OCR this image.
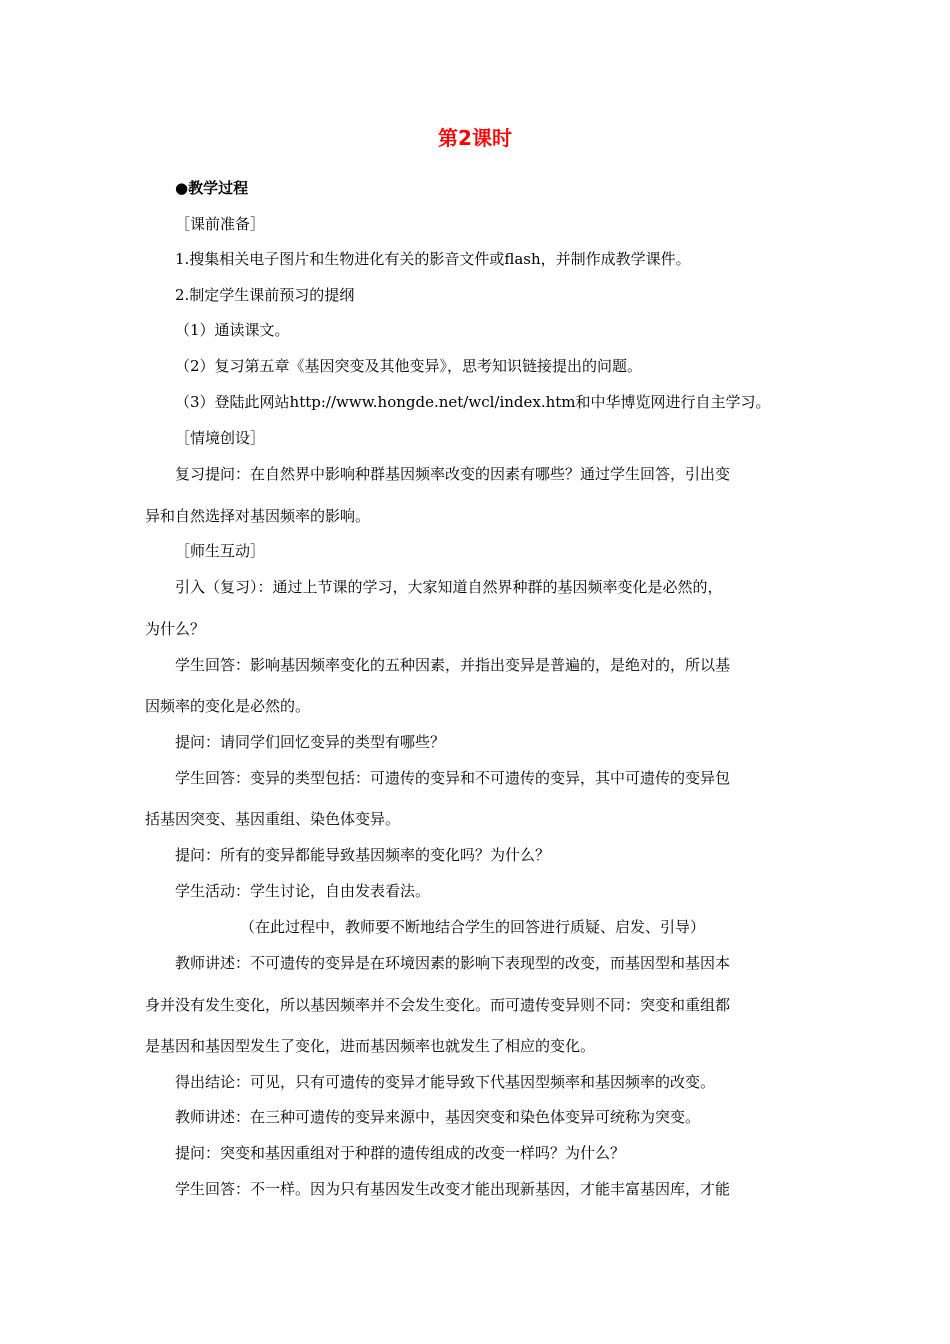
第2课时
●教学过程
［课前准备］
1.搜集相关电子图片和生物进化有关的影音文件或flash，并制作成教学课件。
2.制定学生课前预习的提纲
（1）通读课文。
（2）复习第五章《基因突变及其他变异》，思考知识链接提出的问题。
（3）登陆此网站http://www.hongde.net/wcl/index.htm和中华博览网进行自主学习。
［情境创设］
复习提问：在自然界中影响种群基因频率改变的因素有哪些？通过学生回答，引出变
异和自然选择对基因频率的影响。
［师生互动］
引入（复习）：通过上节课的学习，大家知道自然界种群的基因频率变化是必然的，
为什么？
学生回答：影响基因频率变化的五种因素，并指出变异是普遍的，是绝对的，所以基
因频率的变化是必然的。
提问：请同学们回忆变异的类型有哪些？
学生回答：变异的类型包括：可遗传的变异和不可遗传的变异，其中可遗传的变异包
括基因突变、基因重组、染色体变异。
提问：所有的变异都能导致基因频率的变化吗？为什么？
学生活动：学生讨论，自由发表看法。
（在此过程中，教师要不断地结合学生的回答进行质疑、启发、引导）
教师讲述：不可遗传的变异是在环境因素的影响下表现型的改变，而基因型和基因本
身并没有发生变化，所以基因频率并不会发生变化。而可遗传变异则不同：突变和重组都
是基因和基因型发生了变化，进而基因频率也就发生了相应的变化。
得出结论：可见，只有可遗传的变异才能导致下代基因型频率和基因频率的改变。
教师讲述：在三种可遗传的变异来源中，基因突变和染色体变异可统称为突变。
提问：突变和基因重组对于种群的遗传组成的改变一样吗？为什么？
学生回答：不一样。因为只有基因发生改变才能出现新基因，才能丰富基因库，才能
